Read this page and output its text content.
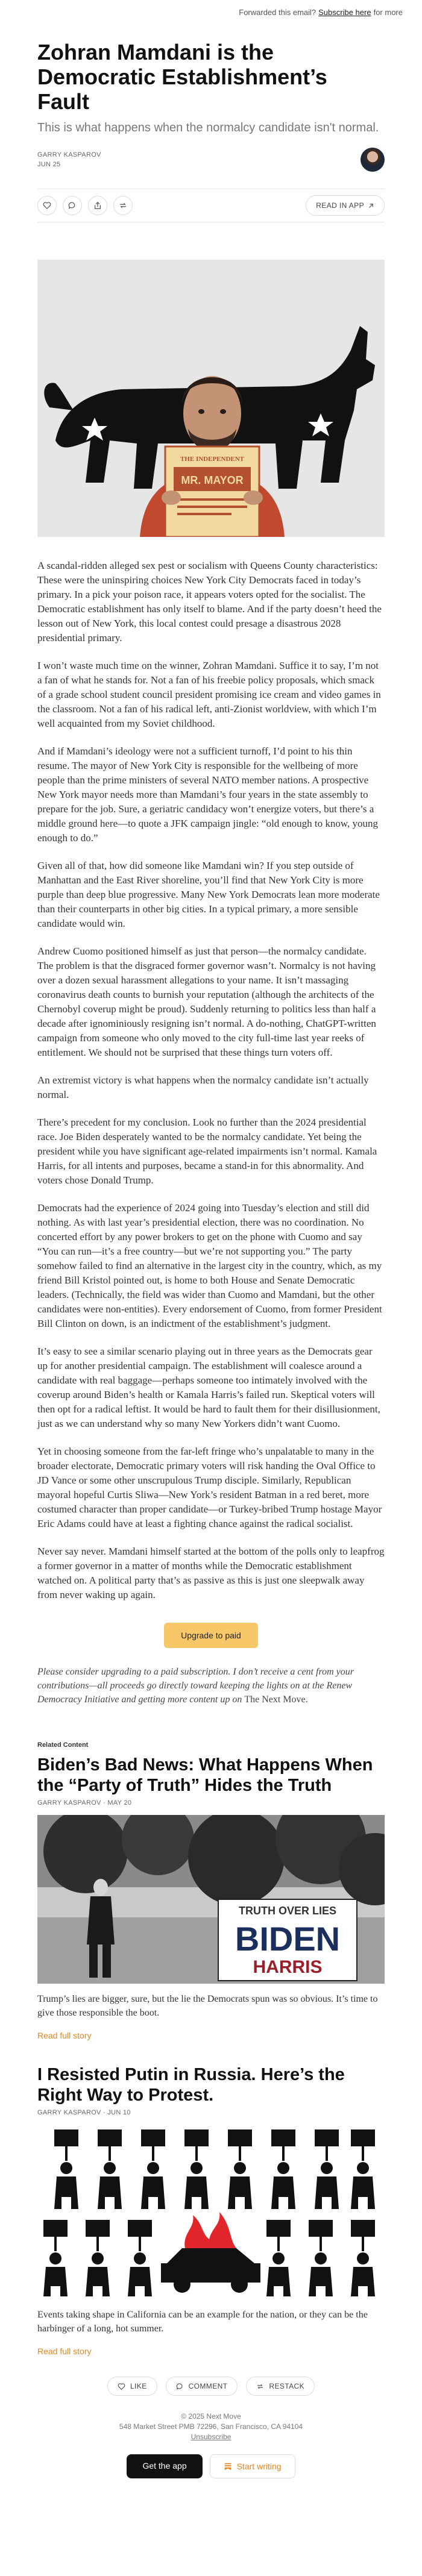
Forwarded this email? Subscribe here for more
Zohran Mamdani is the Democratic Establishment’s Fault
This is what happens when the normalcy candidate isn't normal.
GARRY KASPAROV
JUN 25
READ IN APP
THE INDEPENDENT
MR. MAYOR

A scandal-ridden alleged sex pest or socialism with Queens County characteristics: These were the uninspiring choices New York City Democrats faced in today’s primary. In a pick your poison race, it appears voters opted for the socialist. The Democratic establishment has only itself to blame. And if the party doesn’t heed the lesson out of New York, this local contest could presage a disastrous 2028 presidential primary.

I won’t waste much time on the winner, Zohran Mamdani. Suffice it to say, I’m not a fan of what he stands for. Not a fan of his freebie policy proposals, which smack of a grade school student council president promising ice cream and video games in the classroom. Not a fan of his radical left, anti-Zionist worldview, with which I’m well acquainted from my Soviet childhood.

And if Mamdani’s ideology were not a sufficient turnoff, I’d point to his thin resume. The mayor of New York City is responsible for the wellbeing of more people than the prime ministers of several NATO member nations. A prospective New York mayor needs more than Mamdani’s four years in the state assembly to prepare for the job. Sure, a geriatric candidacy won’t energize voters, but there’s a middle ground here—to quote a JFK campaign jingle: “old enough to know, young enough to do.”

Given all of that, how did someone like Mamdani win? If you step outside of Manhattan and the East River shoreline, you’ll find that New York City is more purple than deep blue progressive. Many New York Democrats lean more moderate than their counterparts in other big cities. In a typical primary, a more sensible candidate would win.

Andrew Cuomo positioned himself as just that person—the normalcy candidate. The problem is that the disgraced former governor wasn’t. Normalcy is not having over a dozen sexual harassment allegations to your name. It isn’t massaging coronavirus death counts to burnish your reputation (although the architects of the Chernobyl coverup might be proud). Suddenly returning to politics less than half a decade after ignominiously resigning isn’t normal. A do-nothing, ChatGPT-written campaign from someone who only moved to the city full-time last year reeks of entitlement. We should not be surprised that these things turn voters off.

An extremist victory is what happens when the normalcy candidate isn’t actually normal.

There’s precedent for my conclusion. Look no further than the 2024 presidential race. Joe Biden desperately wanted to be the normalcy candidate. Yet being the president while you have significant age-related impairments isn’t normal. Kamala Harris, for all intents and purposes, became a stand-in for this abnormality. And voters chose Donald Trump.

Democrats had the experience of 2024 going into Tuesday’s election and still did nothing. As with last year’s presidential election, there was no coordination. No concerted effort by any power brokers to get on the phone with Cuomo and say “You can run—it’s a free country—but we’re not supporting you.” The party somehow failed to find an alternative in the largest city in the country, which, as my friend Bill Kristol pointed out, is home to both House and Senate Democratic leaders. (Technically, the field was wider than Cuomo and Mamdani, but the other candidates were non-entities). Every endorsement of Cuomo, from former President Bill Clinton on down, is an indictment of the establishment’s judgment.

It’s easy to see a similar scenario playing out in three years as the Democrats gear up for another presidential campaign. The establishment will coalesce around a candidate with real baggage—perhaps someone too intimately involved with the coverup around Biden’s health or Kamala Harris’s failed run. Skeptical voters will then opt for a radical leftist. It would be hard to fault them for their disillusionment, just as we can understand why so many New Yorkers didn’t want Cuomo.

Yet in choosing someone from the far-left fringe who’s unpalatable to many in the broader electorate, Democratic primary voters will risk handing the Oval Office to JD Vance or some other unscrupulous Trump disciple. Similarly, Republican mayoral hopeful Curtis Sliwa—New York’s resident Batman in a red beret, more costumed character than proper candidate—or Turkey-bribed Trump hostage Mayor Eric Adams could have at least a fighting chance against the radical socialist.

Never say never. Mamdani himself started at the bottom of the polls only to leapfrog a former governor in a matter of months while the Democratic establishment watched on. A political party that’s as passive as this is just one sleepwalk away from never waking up again.

Upgrade to paid
Please consider upgrading to a paid subscription. I don’t receive a cent from your contributions—all proceeds go directly toward keeping the lights on at the Renew Democracy Initiative and getting more content up on The Next Move.
Related Content
Biden’s Bad News: What Happens When the “Party of Truth” Hides the Truth
GARRY KASPAROV · MAY 20
TRUTH OVER LIES
BIDEN
HARRIS
Trump’s lies are bigger, sure, but the lie the Democrats spun was so obvious. It’s time to give those responsible the boot.
Read full story
I Resisted Putin in Russia. Here’s the Right Way to Protest.
GARRY KASPAROV · JUN 10
Events taking shape in California can be an example for the nation, or they can be the harbinger of a long, hot summer.
Read full story
LIKE	COMMENT	RESTACK
© 2025 Next Move
548 Market Street PMB 72296, San Francisco, CA 94104
Unsubscribe
Get the app	Start writing
